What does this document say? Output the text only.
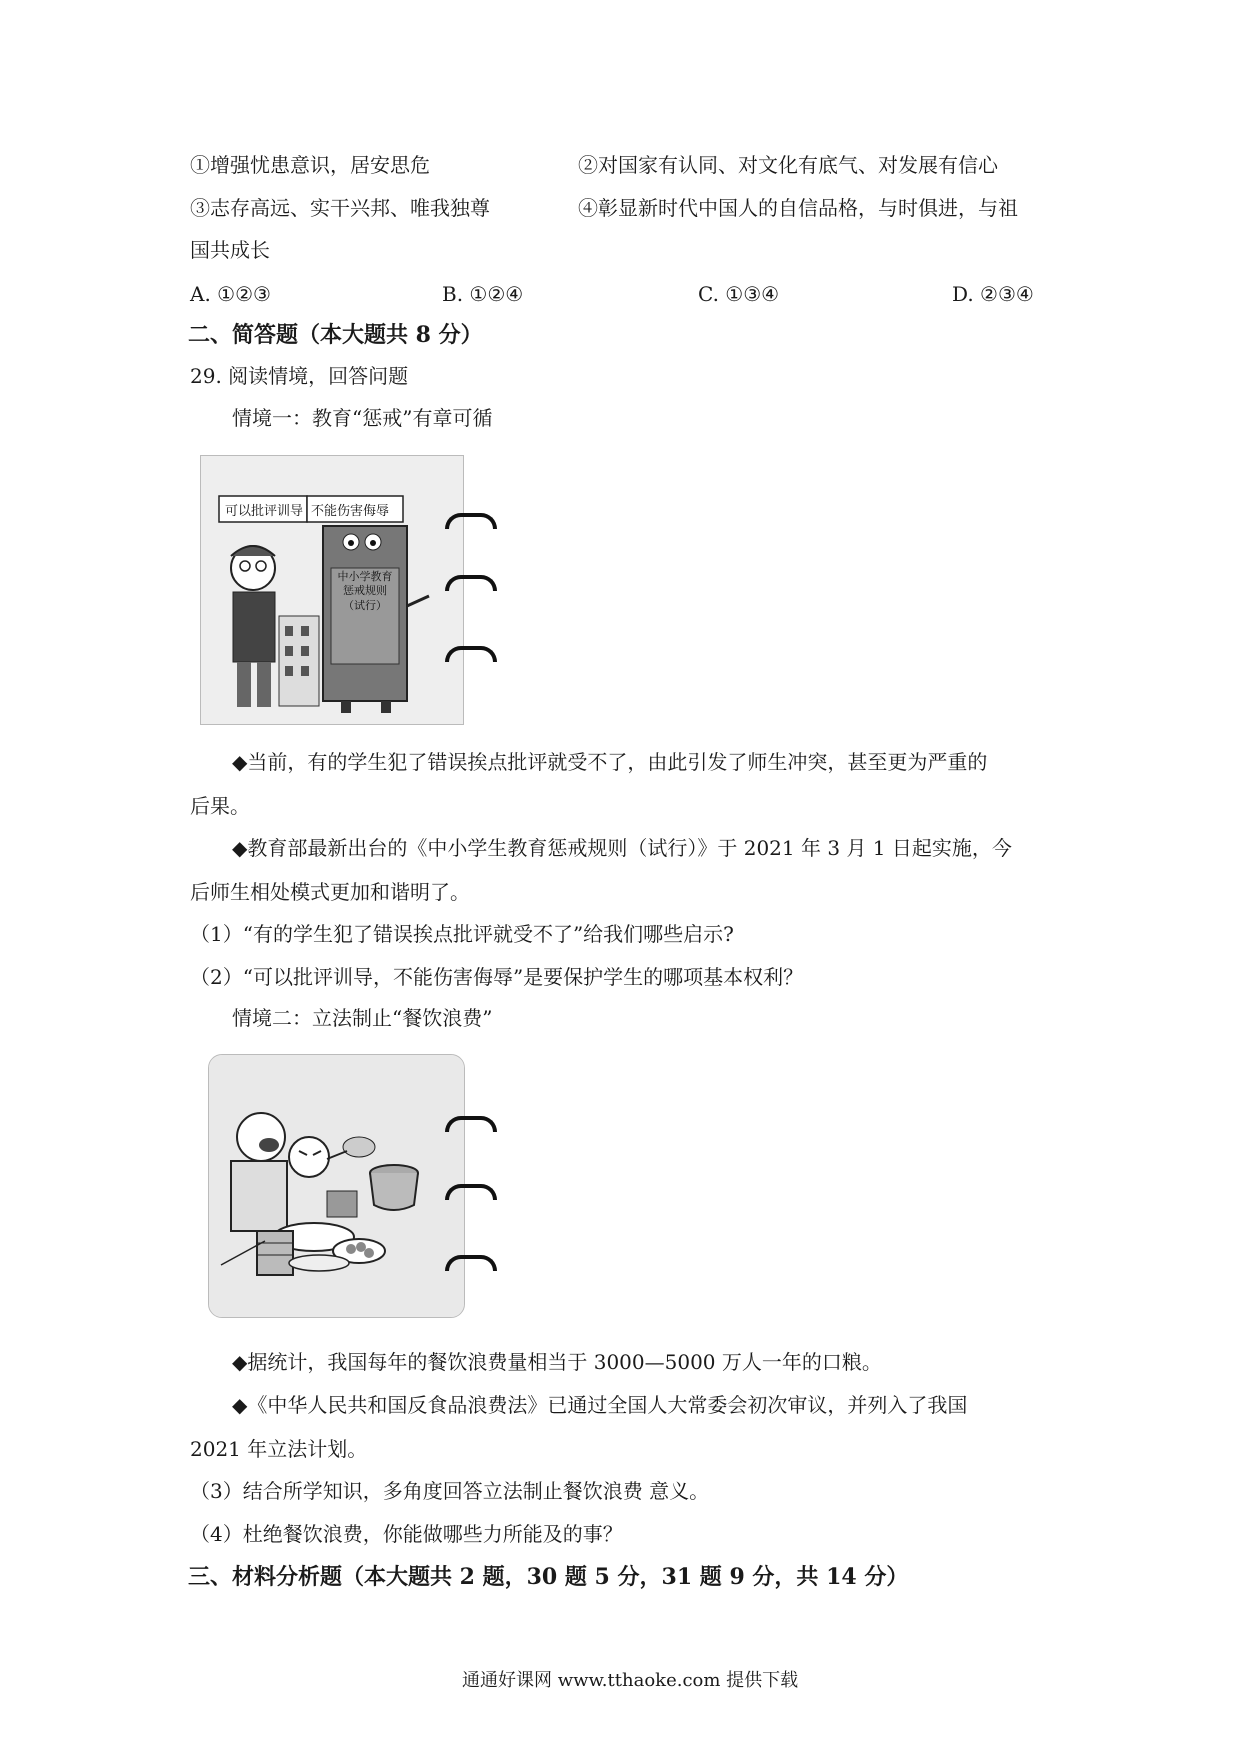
①增强忧患意识，居安思危	②对国家有认同、对文化有底气、对发展有信心
③志存高远、实干兴邦、唯我独尊	④彰显新时代中国人的自信品格，与时俱进，与祖
国共成长
A. ①②③	B. ①②④	C. ①③④	D. ②③④
二、简答题（本大题共 8 分）
29. 阅读情境，回答问题
情境一：教育“惩戒”有章可循
可以批评训导 不能伤害侮辱
中小学教育惩戒规则（试行）
◆当前，有的学生犯了错误挨点批评就受不了，由此引发了师生冲突，甚至更为严重的
后果。
◆教育部最新出台的《中小学生教育惩戒规则（试行）》于 2021 年 3 月 1 日起实施，今
后师生相处模式更加和谐明了。
（1）“有的学生犯了错误挨点批评就受不了”给我们哪些启示?
（2）“可以批评训导，不能伤害侮辱”是要保护学生的哪项基本权利？
情境二：立法制止“餐饮浪费”
◆据统计，我国每年的餐饮浪费量相当于 3000—5000 万人一年的口粮。
◆《中华人民共和国反食品浪费法》已通过全国人大常委会初次审议，并列入了我国
2021 年立法计划。
（3）结合所学知识，多角度回答立法制止餐饮浪费 意义。
（4）杜绝餐饮浪费，你能做哪些力所能及的事？
三、材料分析题（本大题共 2 题，30 题 5 分，31 题 9 分，共 14 分）
通通好课网 www.tthaoke.com 提供下载
